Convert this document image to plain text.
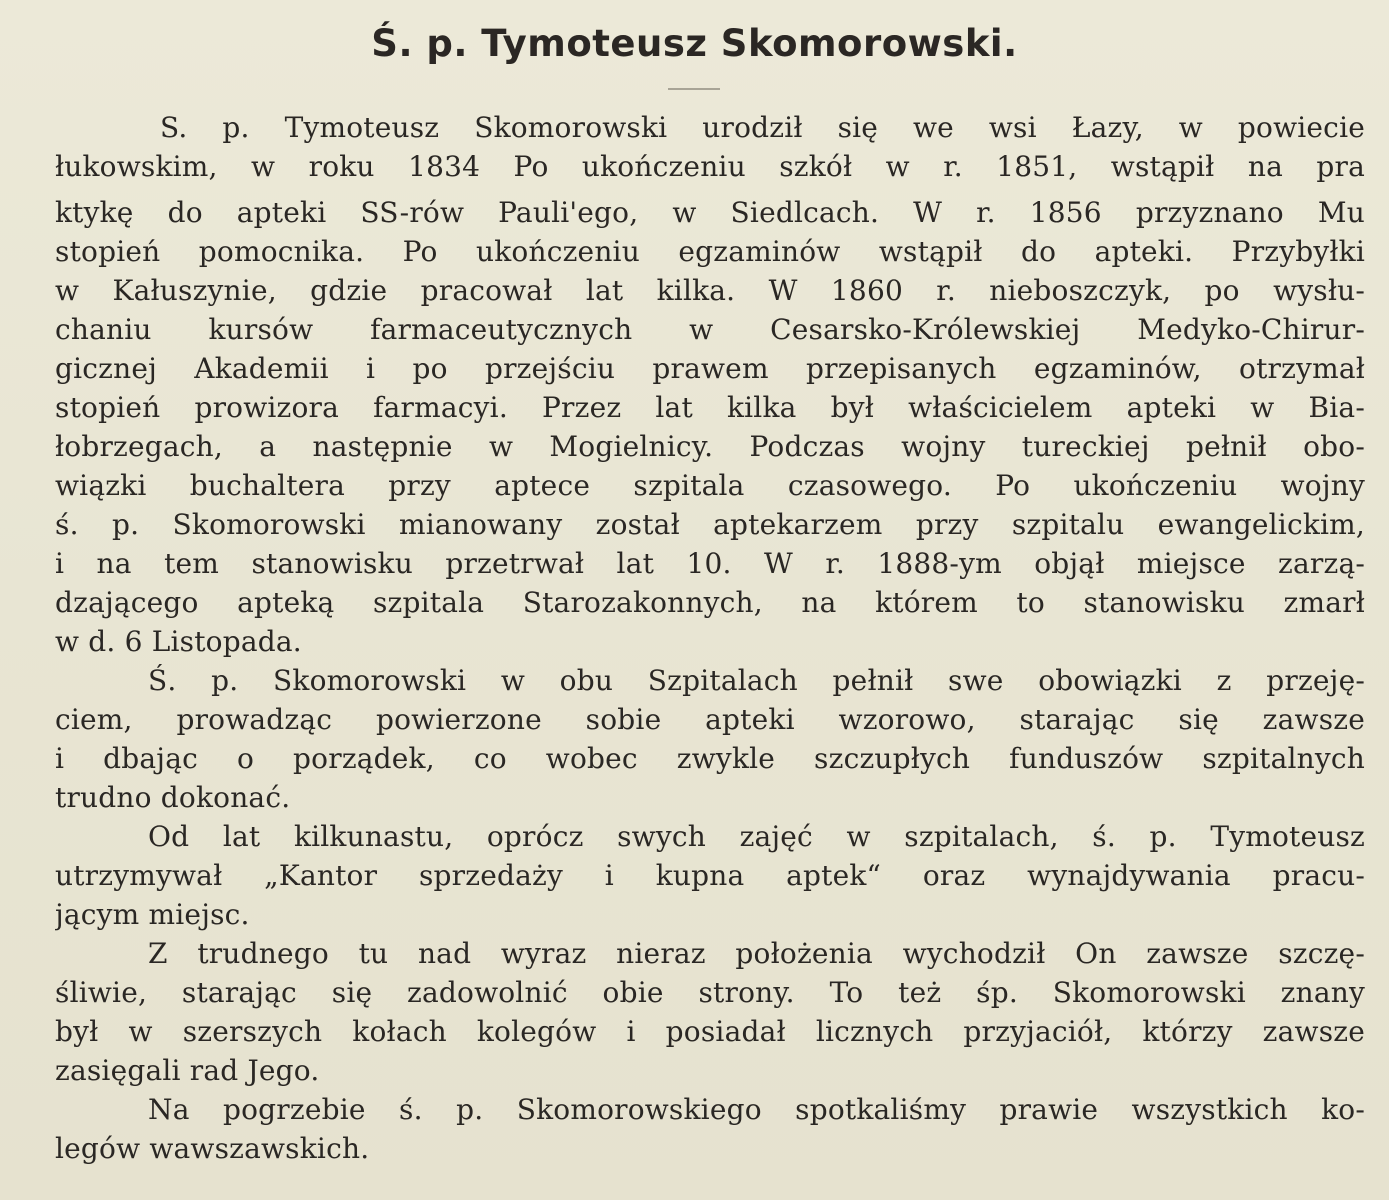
Ś. p. Tymoteusz Skomorowski.
S. p. Tymoteusz Skomorowski urodził się we wsi Łazy, w powiecie
łukowskim, w roku 1834 Po ukończeniu szkół w r. 1851, wstąpił na pra
ktykę do apteki SS-rów Pauli'ego, w Siedlcach. W r. 1856 przyznano Mu
stopień pomocnika. Po ukończeniu egzaminów wstąpił do apteki. Przybyłki
w Kałuszynie, gdzie pracował lat kilka. W 1860 r. nieboszczyk, po wysłu-
chaniu kursów farmaceutycznych w Cesarsko-Królewskiej Medyko-Chirur-
gicznej Akademii i po przejściu prawem przepisanych egzaminów, otrzymał
stopień prowizora farmacyi. Przez lat kilka był właścicielem apteki w Bia-
łobrzegach, a następnie w Mogielnicy. Podczas wojny tureckiej pełnił obo-
wiązki buchaltera przy aptece szpitala czasowego. Po ukończeniu wojny
ś. p. Skomorowski mianowany został aptekarzem przy szpitalu ewangelickim,
i na tem stanowisku przetrwał lat 10. W r. 1888-ym objął miejsce zarzą-
dzającego apteką szpitala Starozakonnych, na którem to stanowisku zmarł
w d. 6 Listopada.
Ś. p. Skomorowski w obu Szpitalach pełnił swe obowiązki z przeję-
ciem, prowadząc powierzone sobie apteki wzorowo, starając się zawsze
i dbając o porządek, co wobec zwykle szczupłych funduszów szpitalnych
trudno dokonać.
Od lat kilkunastu, oprócz swych zajęć w szpitalach, ś. p. Tymoteusz
utrzymywał „Kantor sprzedaży i kupna aptek“ oraz wynajdywania pracu-
jącym miejsc.
Z trudnego tu nad wyraz nieraz położenia wychodził On zawsze szczę-
śliwie, starając się zadowolnić obie strony. To też śp. Skomorowski znany
był w szerszych kołach kolegów i posiadał licznych przyjaciół, którzy zawsze
zasięgali rad Jego.
Na pogrzebie ś. p. Skomorowskiego spotkaliśmy prawie wszystkich ko-
legów wawszawskich.
